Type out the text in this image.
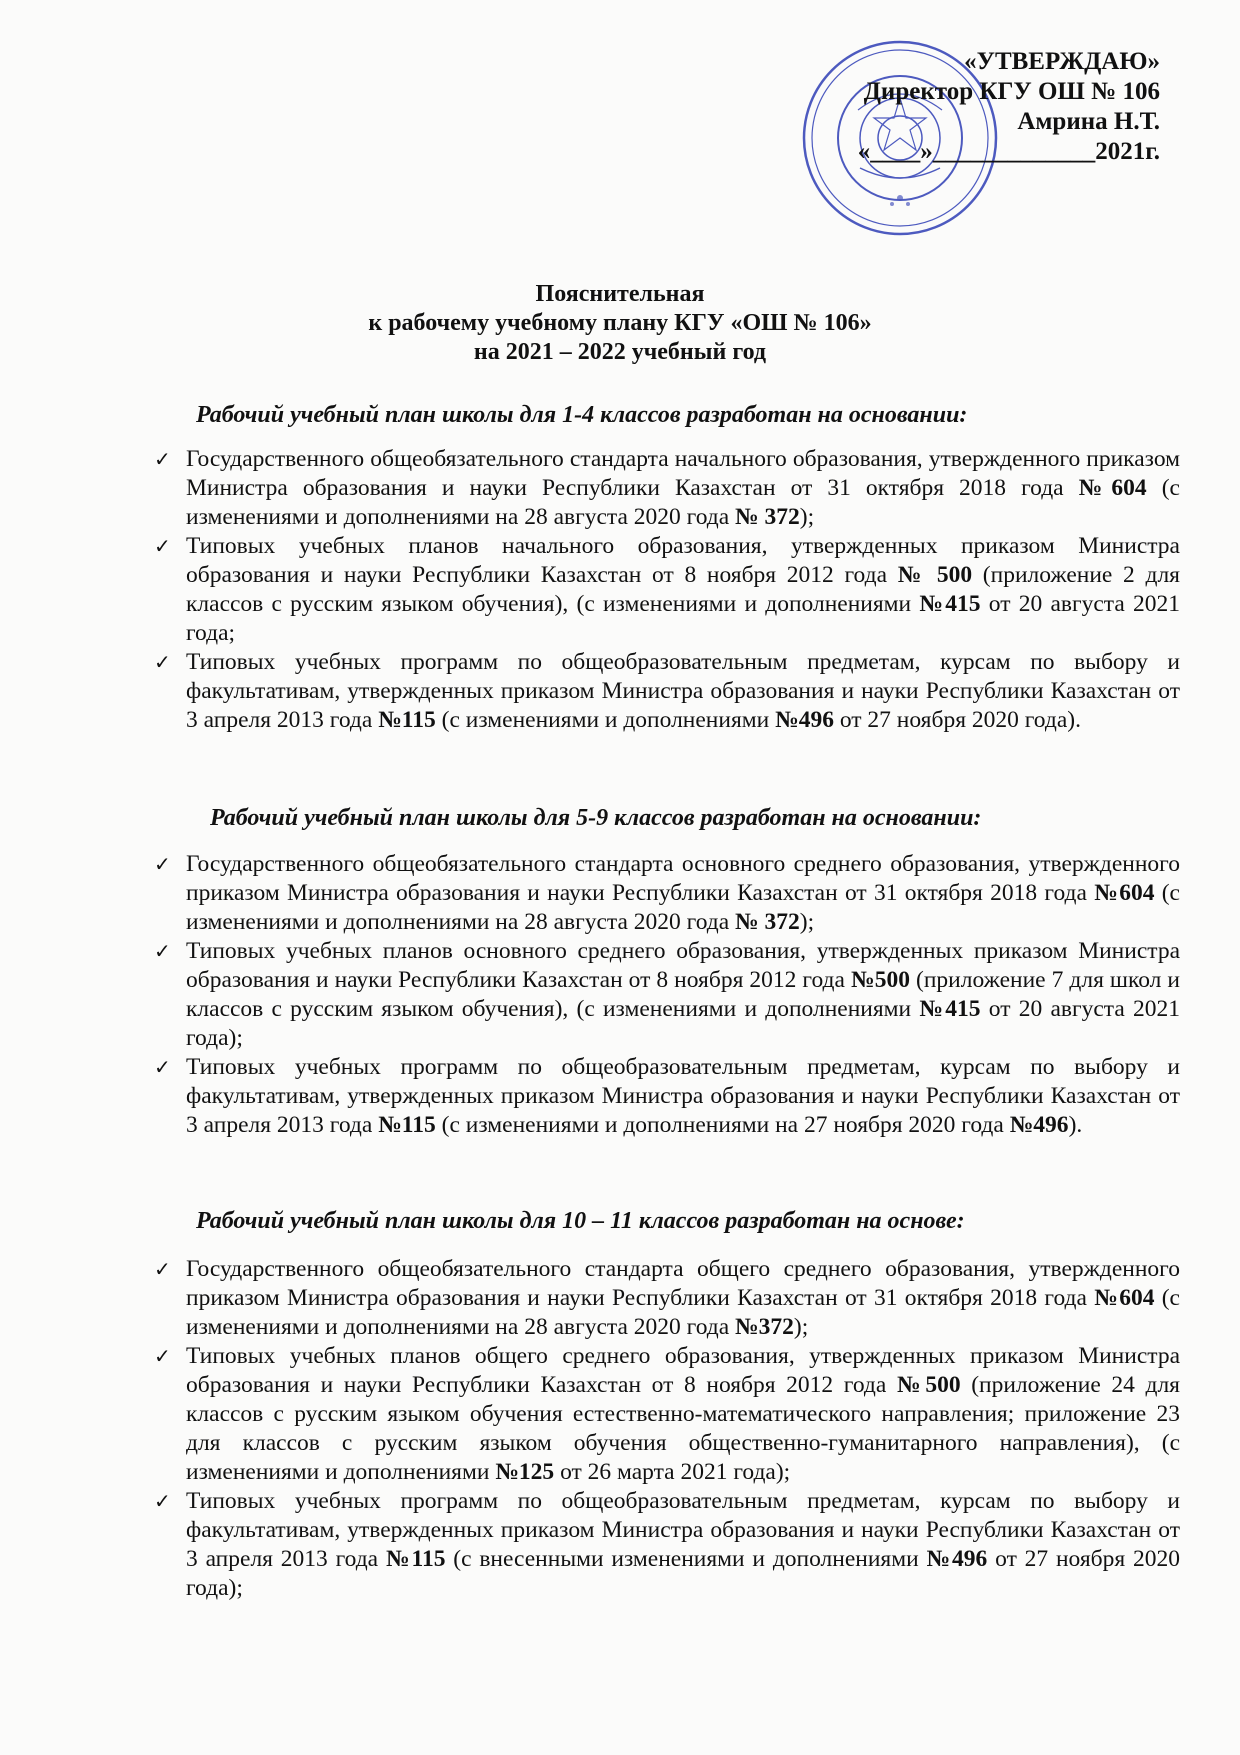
«УТВЕРЖДАЮ»
Директор КГУ ОШ № 106
Амрина Н.Т.
«____»_____________2021г.
Пояснительная
к рабочему учебному плану КГУ «ОШ № 106»
на 2021 – 2022 учебный год
Рабочий учебный план школы для 1-4 классов разработан на основании:
✓ Государственного общеобязательного стандарта начального образования, утвержденного приказом Министра образования и науки Республики Казахстан от 31 октября 2018 года №604 (с изменениями и дополнениями на 28 августа 2020 года № 372);
✓ Типовых учебных планов начального образования, утвержденных приказом Министра образования и науки Республики Казахстан от 8 ноября 2012 года № 500 (приложение 2 для классов с русским языком обучения), (с изменениями и дополнениями №415 от 20 августа 2021 года;
✓ Типовых учебных программ по общеобразовательным предметам, курсам по выбору и факультативам, утвержденных приказом Министра образования и науки Республики Казахстан от 3 апреля 2013 года №115 (с изменениями и дополнениями №496 от 27 ноября 2020 года).
Рабочий учебный план школы для 5-9 классов разработан на основании:
✓ Государственного общеобязательного стандарта основного среднего образования, утвержденного приказом Министра образования и науки Республики Казахстан от 31 октября 2018 года №604 (с изменениями и дополнениями на 28 августа 2020 года № 372);
✓ Типовых учебных планов основного среднего образования, утвержденных приказом Министра образования и науки Республики Казахстан от 8 ноября 2012 года №500 (приложение 7 для школ и классов с русским языком обучения), (с изменениями и дополнениями №415 от 20 августа 2021 года);
✓ Типовых учебных программ по общеобразовательным предметам, курсам по выбору и факультативам, утвержденных приказом Министра образования и науки Республики Казахстан от 3 апреля 2013 года №115 (с изменениями и дополнениями на 27 ноября 2020 года №496).
Рабочий учебный план школы для 10 – 11 классов разработан на основе:
✓ Государственного общеобязательного стандарта общего среднего образования, утвержденного приказом Министра образования и науки Республики Казахстан от 31 октября 2018 года №604 (с изменениями и дополнениями на 28 августа 2020 года №372);
✓ Типовых учебных планов общего среднего образования, утвержденных приказом Министра образования и науки Республики Казахстан от 8 ноября 2012 года №500 (приложение 24 для классов с русским языком обучения естественно-математического направления; приложение 23 для классов с русским языком обучения общественно-гуманитарного направления), (с изменениями и дополнениями №125 от 26 марта 2021 года);
✓ Типовых учебных программ по общеобразовательным предметам, курсам по выбору и факультативам, утвержденных приказом Министра образования и науки Республики Казахстан от 3 апреля 2013 года №115 (с внесенными изменениями и дополнениями №496 от 27 ноября 2020 года);
